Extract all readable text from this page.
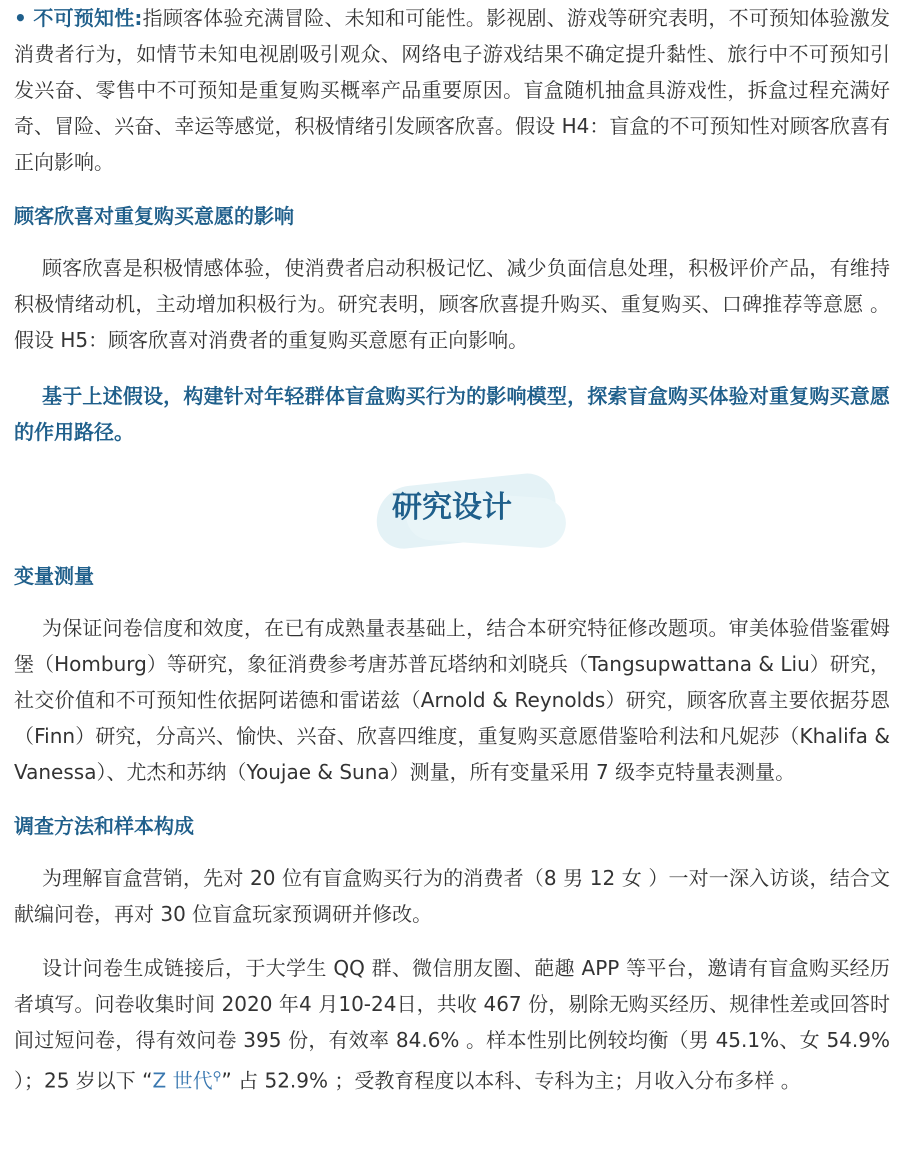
• 不可预知性:指顾客体验充满冒险、未知和可能性。影视剧、游戏等研究表明，不可预知体验激发消费者行为，如情节未知电视剧吸引观众、网络电子游戏结果不确定提升黏性、旅行中不可预知引发兴奋、零售中不可预知是重复购买概率产品重要原因。盲盒随机抽盒具游戏性，拆盒过程充满好奇、冒险、兴奋、幸运等感觉，积极情绪引发顾客欣喜。假设 H4：盲盒的不可预知性对顾客欣喜有正向影响。

顾客欣喜对重复购买意愿的影响

顾客欣喜是积极情感体验，使消费者启动积极记忆、减少负面信息处理，积极评价产品，有维持积极情绪动机，主动增加积极行为。研究表明，顾客欣喜提升购买、重复购买、口碑推荐等意愿 。假设 H5：顾客欣喜对消费者的重复购买意愿有正向影响。

基于上述假设，构建针对年轻群体盲盒购买行为的影响模型，探索盲盒购买体验对重复购买意愿的作用路径。

研究设计
变量测量

为保证问卷信度和效度，在已有成熟量表基础上，结合本研究特征修改题项。审美体验借鉴霍姆堡（Homburg）等研究，象征消费参考唐苏普瓦塔纳和刘晓兵（Tangsupwattana & Liu）研究，社交价值和不可预知性依据阿诺德和雷诺兹（Arnold & Reynolds）研究，顾客欣喜主要依据芬恩（Finn）研究，分高兴、愉快、兴奋、欣喜四维度，重复购买意愿借鉴哈利法和凡妮莎（Khalifa & Vanessa）、尤杰和苏纳（Youjae & Suna）测量，所有变量采用 7 级李克特量表测量。

调查方法和样本构成

为理解盲盒营销，先对 20 位有盲盒购买行为的消费者（8 男 12 女 ）一对一深入访谈，结合文献编问卷，再对 30 位盲盒玩家预调研并修改。

设计问卷生成链接后，于大学生 QQ 群、微信朋友圈、葩趣 APP 等平台，邀请有盲盒购买经历者填写。问卷收集时间 2020 年4 月10-24日，共收 467 份，剔除无购买经历、规律性差或回答时间过短问卷，得有效问卷 395 份，有效率 84.6% 。样本性别比例较均衡（男 45.1%、女 54.9% ）；25 岁以下 “Z 世代⚲” 占 52.9% ；受教育程度以本科、专科为主；月收入分布多样 。
